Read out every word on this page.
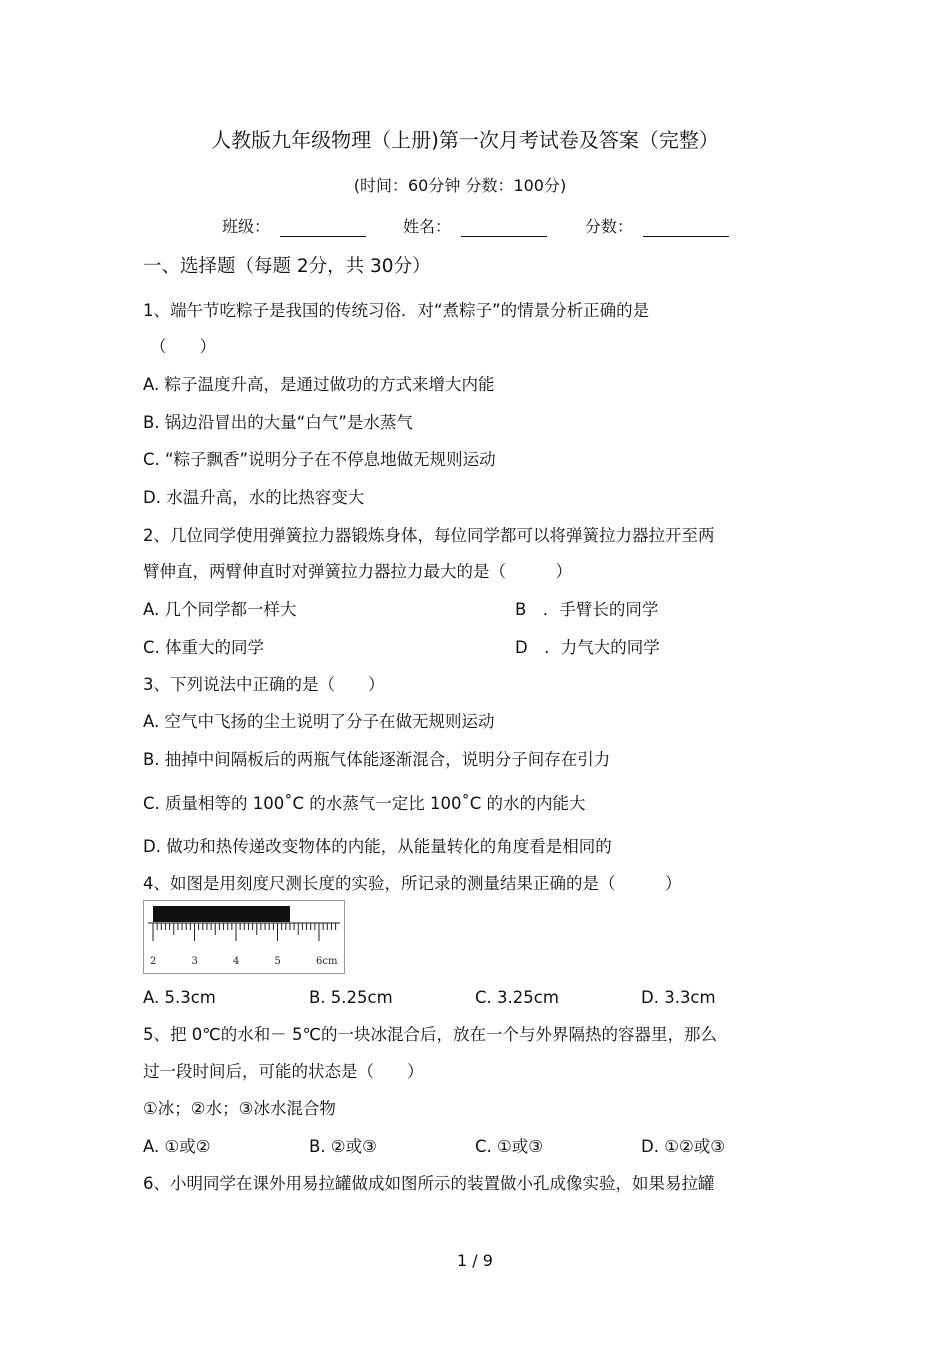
人教版九年级物理（上册)第一次月考试卷及答案（完整）
(时间：60分钟 分数：100分)
班级：	姓名：	分数：
一、选择题（每题 2分，共 30分）
1、端午节吃粽子是我国的传统习俗．对“煮粽子”的情景分析正确的是
（　　）
A. 粽子温度升高，是通过做功的方式来增大内能
B. 锅边沿冒出的大量“白气”是水蒸气
C. “粽子飘香”说明分子在不停息地做无规则运动
D. 水温升高，水的比热容变大
2、几位同学使用弹簧拉力器锻炼身体，每位同学都可以将弹簧拉力器拉开至两
臂伸直，两臂伸直时对弹簧拉力器拉力最大的是（　　　）
A. 几个同学都一样大	B　．手臂长的同学
C. 体重大的同学	D　．力气大的同学
3、下列说法中正确的是（　　）
A. 空气中飞扬的尘土说明了分子在做无规则运动
B. 抽掉中间隔板后的两瓶气体能逐渐混合，说明分子间存在引力
C. 质量相等的 100˚C 的水蒸气一定比 100˚C 的水的内能大
D. 做功和热传递改变物体的内能，从能量转化的角度看是相同的
4、如图是用刻度尺测长度的实验，所记录的测量结果正确的是（　　　）
2	3	4	5	6cm
A. 5.3cm	B. 5.25cm	C. 3.25cm	D. 3.3cm
5、把 0℃的水和－ 5℃的一块冰混合后，放在一个与外界隔热的容器里，那么
过一段时间后，可能的状态是（　　）
①冰；②水；③冰水混合物
A. ①或②	B. ②或③	C. ①或③	D. ①②或③
6、小明同学在课外用易拉罐做成如图所示的装置做小孔成像实验，如果易拉罐
1 / 9
